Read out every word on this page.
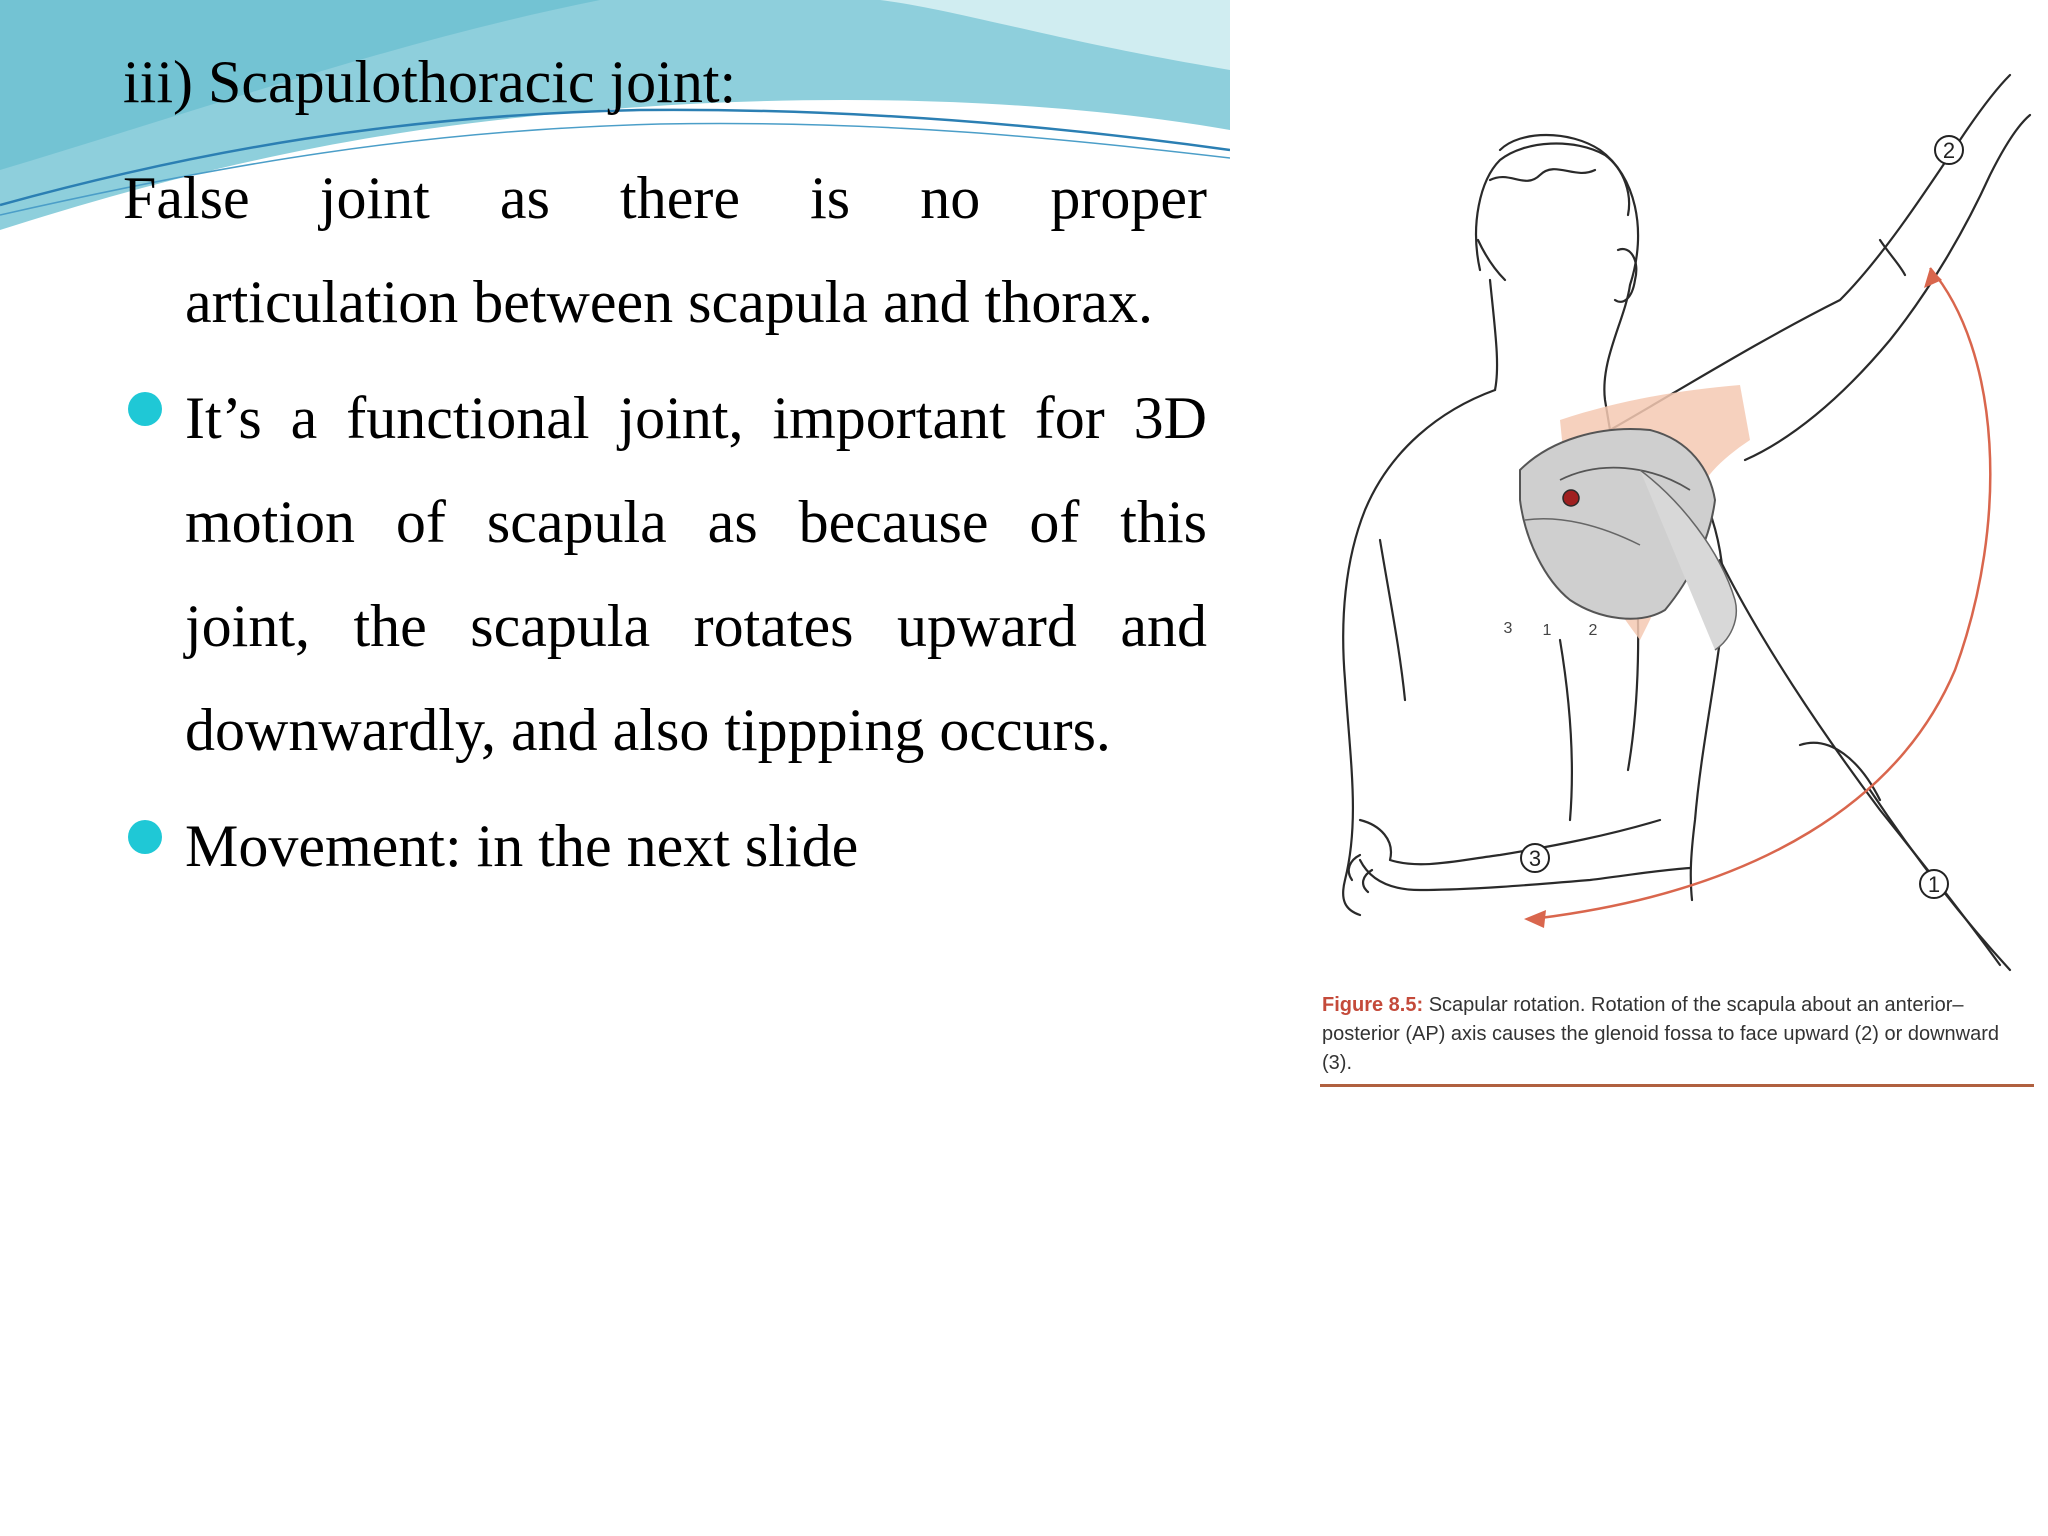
iii) Scapulothoracic joint:
False joint as there is no proper
articulation between scapula and thorax.
It’s a functional joint, important for 3D
motion of scapula as because of this
joint, the scapula rotates upward and
downwardly, and also tippping occurs.
Movement: in the next slide
2
3
1
3 1 2
Figure 8.5: Scapular rotation. Rotation of the scapula about an anterior–posterior (AP) axis causes the glenoid fossa to face upward (2) or downward (3).
